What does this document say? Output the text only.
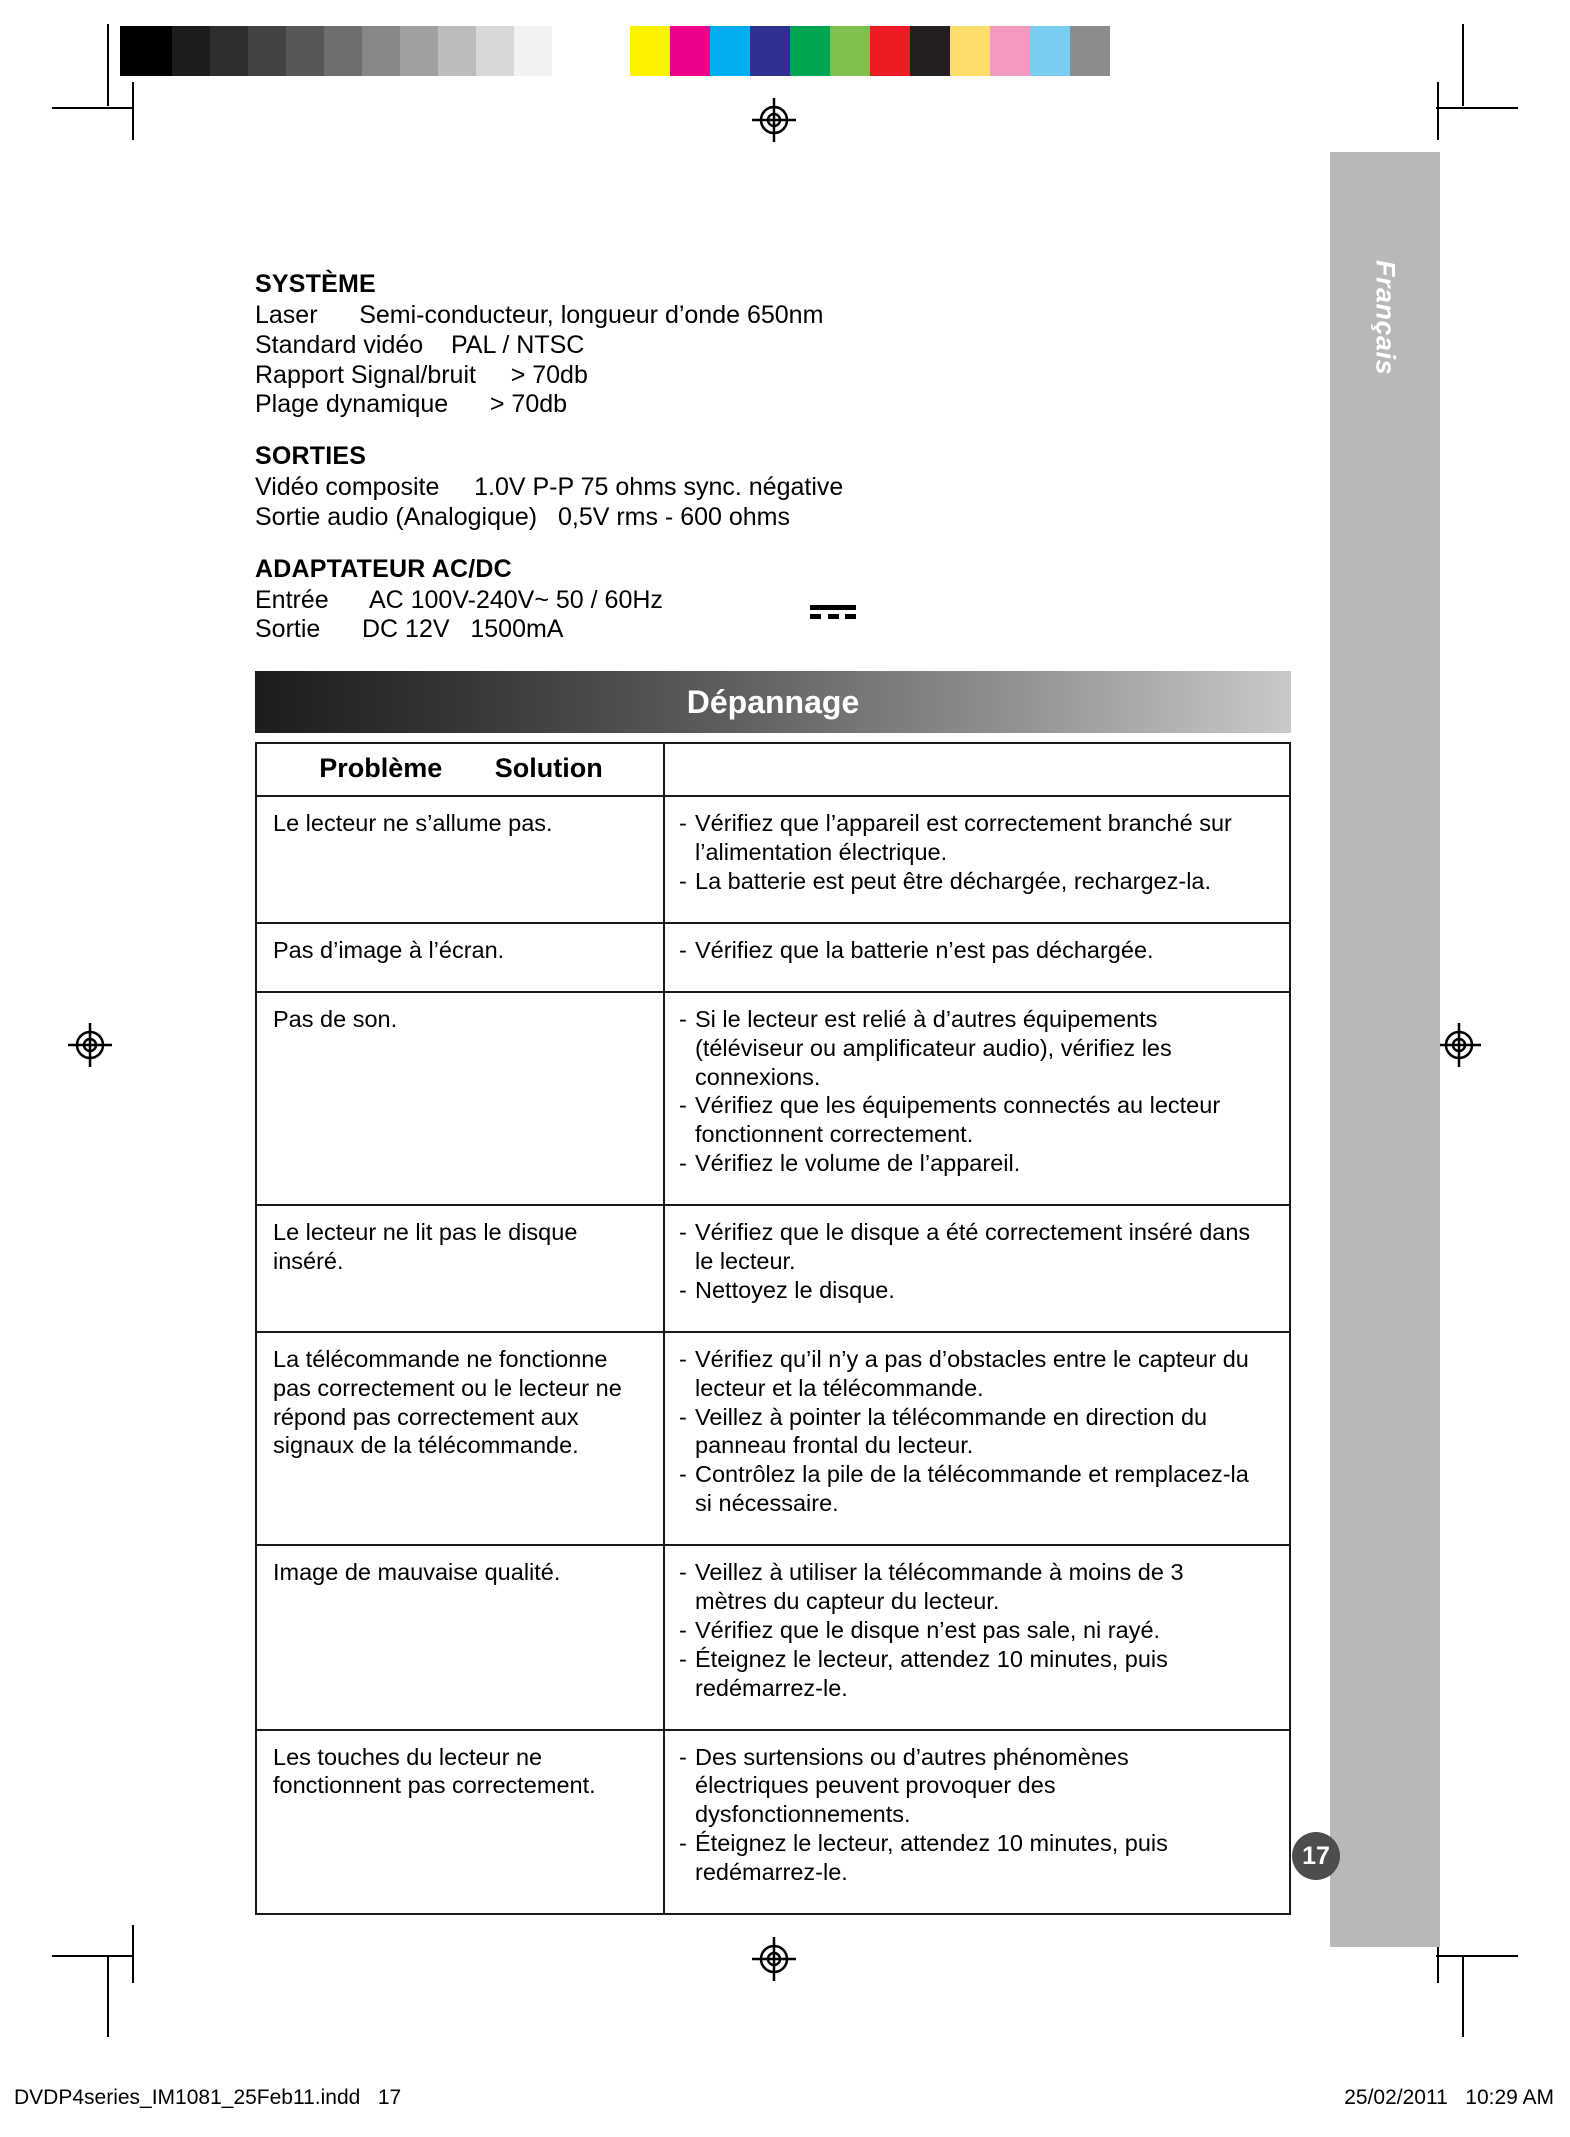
Français
17
SYSTÈME
Laser      Semi-conducteur, longueur d’onde 650nm
Standard vidéo    PAL / NTSC
Rapport Signal/bruit     > 70db
Plage dynamique      > 70db
SORTIES
Vidéo composite     1.0V P-P 75 ohms sync. négative
Sortie audio (Analogique)   0,5V rms - 600 ohms
ADAPTATEUR AC/DC
Entrée      AC 100V-240V~ 50 / 60Hz
Sortie      DC 12V   1500mA
Dépannage
Problème Solution	
Le lecteur ne s’allume pas.	- Vérifiez que l’appareil est correctement branché sur
l’alimentation électrique.
- La batterie est peut être déchargée, rechargez-la.

Pas d’image à l’écran.	- Vérifiez que la batterie n’est pas déchargée.

Pas de son.	- Si le lecteur est relié à d’autres équipements
(téléviseur ou amplificateur audio), vérifiez les
connexions.
- Vérifiez que les équipements connectés au lecteur
fonctionnent correctement.
- Vérifiez le volume de l’appareil.

Le lecteur ne lit pas le disque inséré.	- Vérifiez que le disque a été correctement inséré dans
le lecteur.
- Nettoyez le disque.

La télécommande ne fonctionne pas correctement ou le lecteur ne répond pas correctement aux signaux de la télécommande.	
- Vérifiez qu’il n’y a pas d’obstacles entre le capteur du
lecteur et la télécommande.
- Veillez à pointer la télécommande en direction du
panneau frontal du lecteur.
- Contrôlez la pile de la télécommande et remplacez-la
si nécessaire.

Image de mauvaise qualité.	- Veillez à utiliser la télécommande à moins de 3
mètres du capteur du lecteur.
- Vérifiez que le disque n’est pas sale, ni rayé.
- Éteignez le lecteur, attendez 10 minutes, puis
redémarrez-le.

Les touches du lecteur ne fonctionnent pas correctement.	
- Des surtensions ou d’autres phénomènes
électriques peuvent provoquer des
dysfonctionnements.
- Éteignez le lecteur, attendez 10 minutes, puis
redémarrez-le.
DVDP4series_IM1081_25Feb11.indd   17	25/02/2011   10:29 AM
